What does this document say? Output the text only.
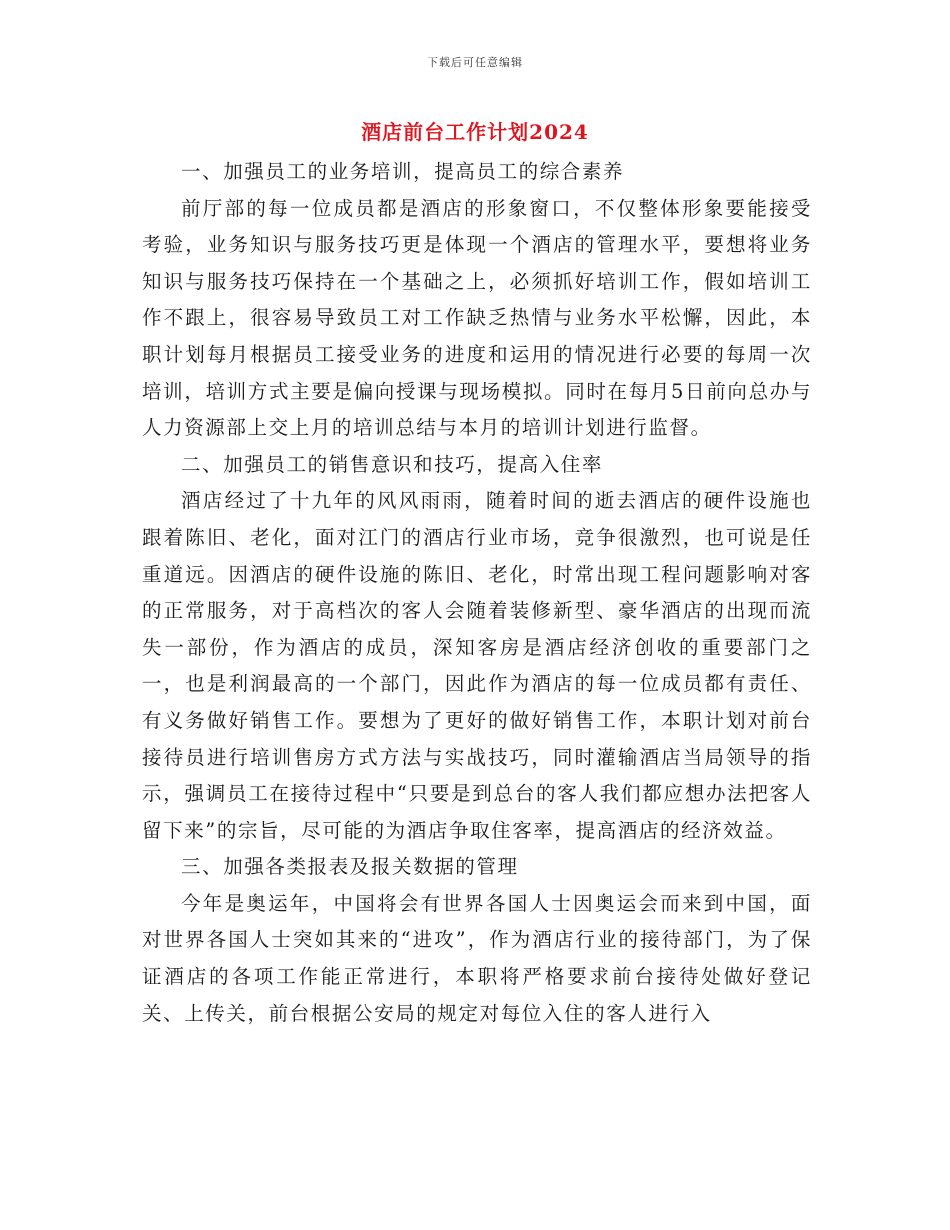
下载后可任意编辑
酒店前台工作计划2024

一、加强员工的业务培训，提高员工的综合素养

前厅部的每一位成员都是酒店的形象窗口，不仅整体形象要能接受考验，业务知识与服务技巧更是体现一个酒店的管理水平，要想将业务知识与服务技巧保持在一个基础之上，必须抓好培训工作，假如培训工作不跟上，很容易导致员工对工作缺乏热情与业务水平松懈，因此，本职计划每月根据员工接受业务的进度和运用的情况进行必要的每周一次培训，培训方式主要是偏向授课与现场模拟。同时在每月5日前向总办与人力资源部上交上月的培训总结与本月的培训计划进行监督。

二、加强员工的销售意识和技巧，提高入住率

酒店经过了十九年的风风雨雨，随着时间的逝去酒店的硬件设施也跟着陈旧、老化，面对江门的酒店行业市场，竞争很激烈，也可说是任重道远。因酒店的硬件设施的陈旧、老化，时常出现工程问题影响对客的正常服务，对于高档次的客人会随着装修新型、豪华酒店的出现而流失一部份，作为酒店的成员，深知客房是酒店经济创收的重要部门之一，也是利润最高的一个部门，因此作为酒店的每一位成员都有责任、有义务做好销售工作。要想为了更好的做好销售工作，本职计划对前台接待员进行培训售房方式方法与实战技巧，同时灌输酒店当局领导的指示，强调员工在接待过程中“只要是到总台的客人我们都应想办法把客人留下来”的宗旨，尽可能的为酒店争取住客率，提高酒店的经济效益。

三、加强各类报表及报关数据的管理

今年是奥运年，中国将会有世界各国人士因奥运会而来到中国，面对世界各国人士突如其来的“进攻”，作为酒店行业的接待部门，为了保证酒店的各项工作能正常进行，本职将严格要求前台接待处做好登记关、上传关，前台根据公安局的规定对每位入住的客人进行入
